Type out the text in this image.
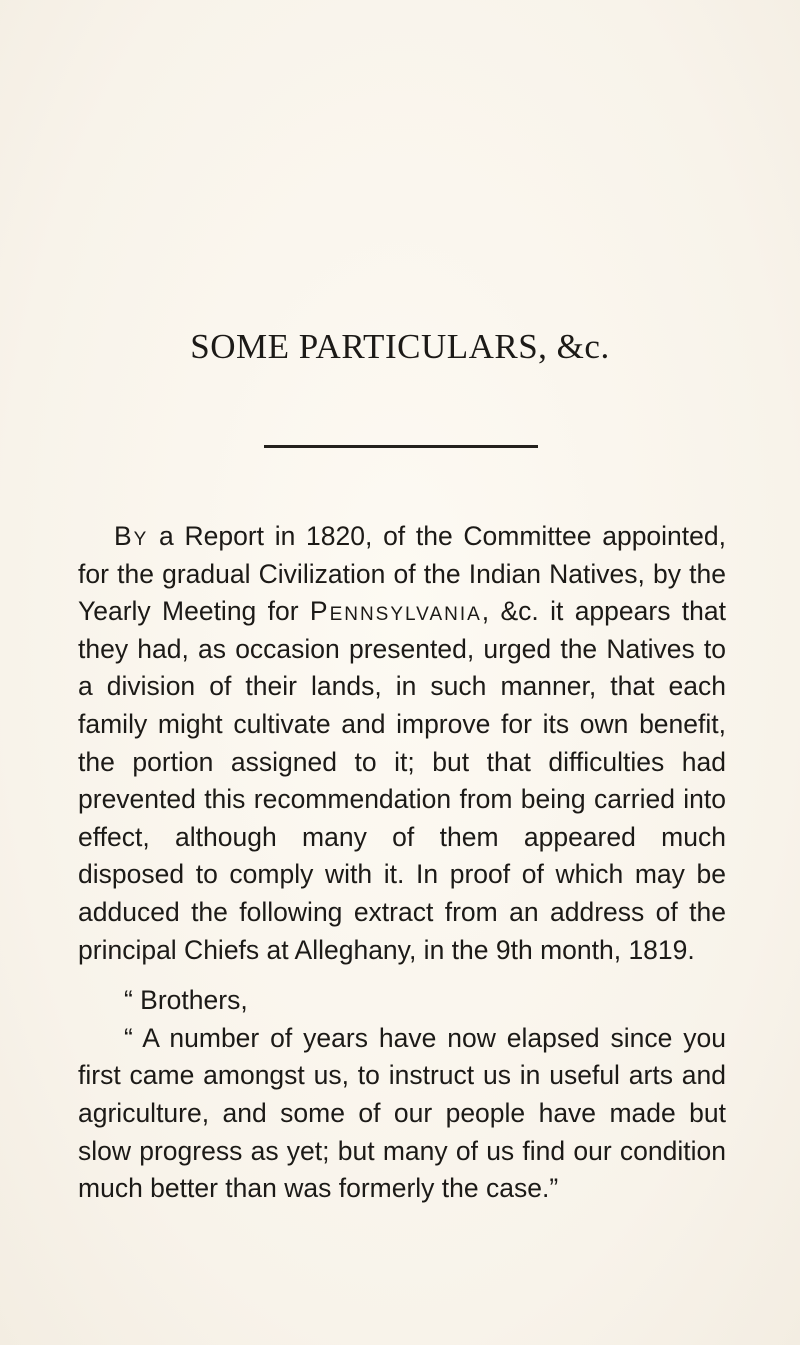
SOME PARTICULARS, &c.

By a Report in 1820, of the Committee appointed, for the gradual Civilization of the Indian Natives, by the Yearly Meeting for Pennsylvania, &c. it appears that they had, as occasion presented, urged the Natives to a division of their lands, in such manner, that each family might cultivate and improve for its own benefit, the portion assigned to it; but that difficulties had prevented this recommendation from being carried into effect, although many of them appeared much disposed to comply with it. In proof of which may be adduced the following extract from an address of the principal Chiefs at Alleghany, in the 9th month, 1819.

“ Brothers,

“ A number of years have now elapsed since you first came amongst us, to instruct us in useful arts and agriculture, and some of our people have made but slow progress as yet; but many of us find our condition much better than was formerly the case.”
